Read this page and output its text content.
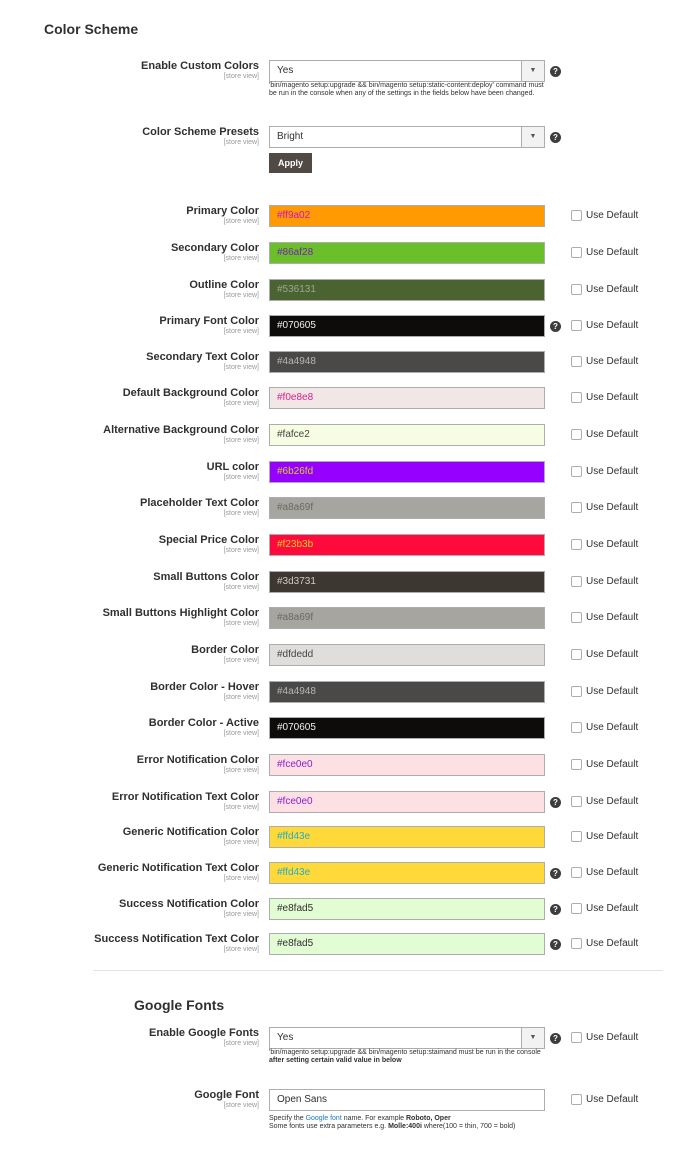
Color Scheme
Enable Custom Colors
[store view]
Yes	▼	?
'bin/magento setup:upgrade && bin/magento setup:static-content:deploy' command must be run in the console when any of the settings in the fields below have been changed.
Color Scheme Presets
[store view]
Bright	▼	?
Apply
Primary Color
[store view]
#ff9a02	Use Default
Secondary Color
[store view]
#86af28	Use Default
Outline Color
[store view]
#536131	Use Default
Primary Font Color
[store view]
#070605	?	Use Default
Secondary Text Color
[store view]
#4a4948	Use Default
Default Background Color
[store view]
#f0e8e8	Use Default
Alternative Background Color
[store view]
#fafce2	Use Default
URL color
[store view]
#6b26fd	Use Default
Placeholder Text Color
[store view]
#a8a69f	Use Default
Special Price Color
[store view]
#f23b3b	Use Default
Small Buttons Color
[store view]
#3d3731	Use Default
Small Buttons Highlight Color
[store view]
#a8a69f	Use Default
Border Color
[store view]
#dfdedd	Use Default
Border Color - Hover
[store view]
#4a4948	Use Default
Border Color - Active
[store view]
#070605	Use Default
Error Notification Color
[store view]
#fce0e0	Use Default
Error Notification Text Color
[store view]
#fce0e0	?	Use Default
Generic Notification Color
[store view]
#ffd43e	Use Default
Generic Notification Text Color
[store view]
#ffd43e	?	Use Default
Success Notification Color
[store view]
#e8fad5	?	Use Default
Success Notification Text Color
[store view]
#e8fad5	?	Use Default
Google Fonts
Enable Google Fonts
[store view]
Yes	▼	?	Use Default
'bin/magento setup:upgrade && bin/magento setup:staimand must be run in the console after setting certain valid value in below
Google Font
[store view]
Open Sans	Use Default
Specify the Google font name. For example Roboto, Oper
Some fonts use extra parameters e.g. Molle:400i where(100 = thin, 700 = bold)
